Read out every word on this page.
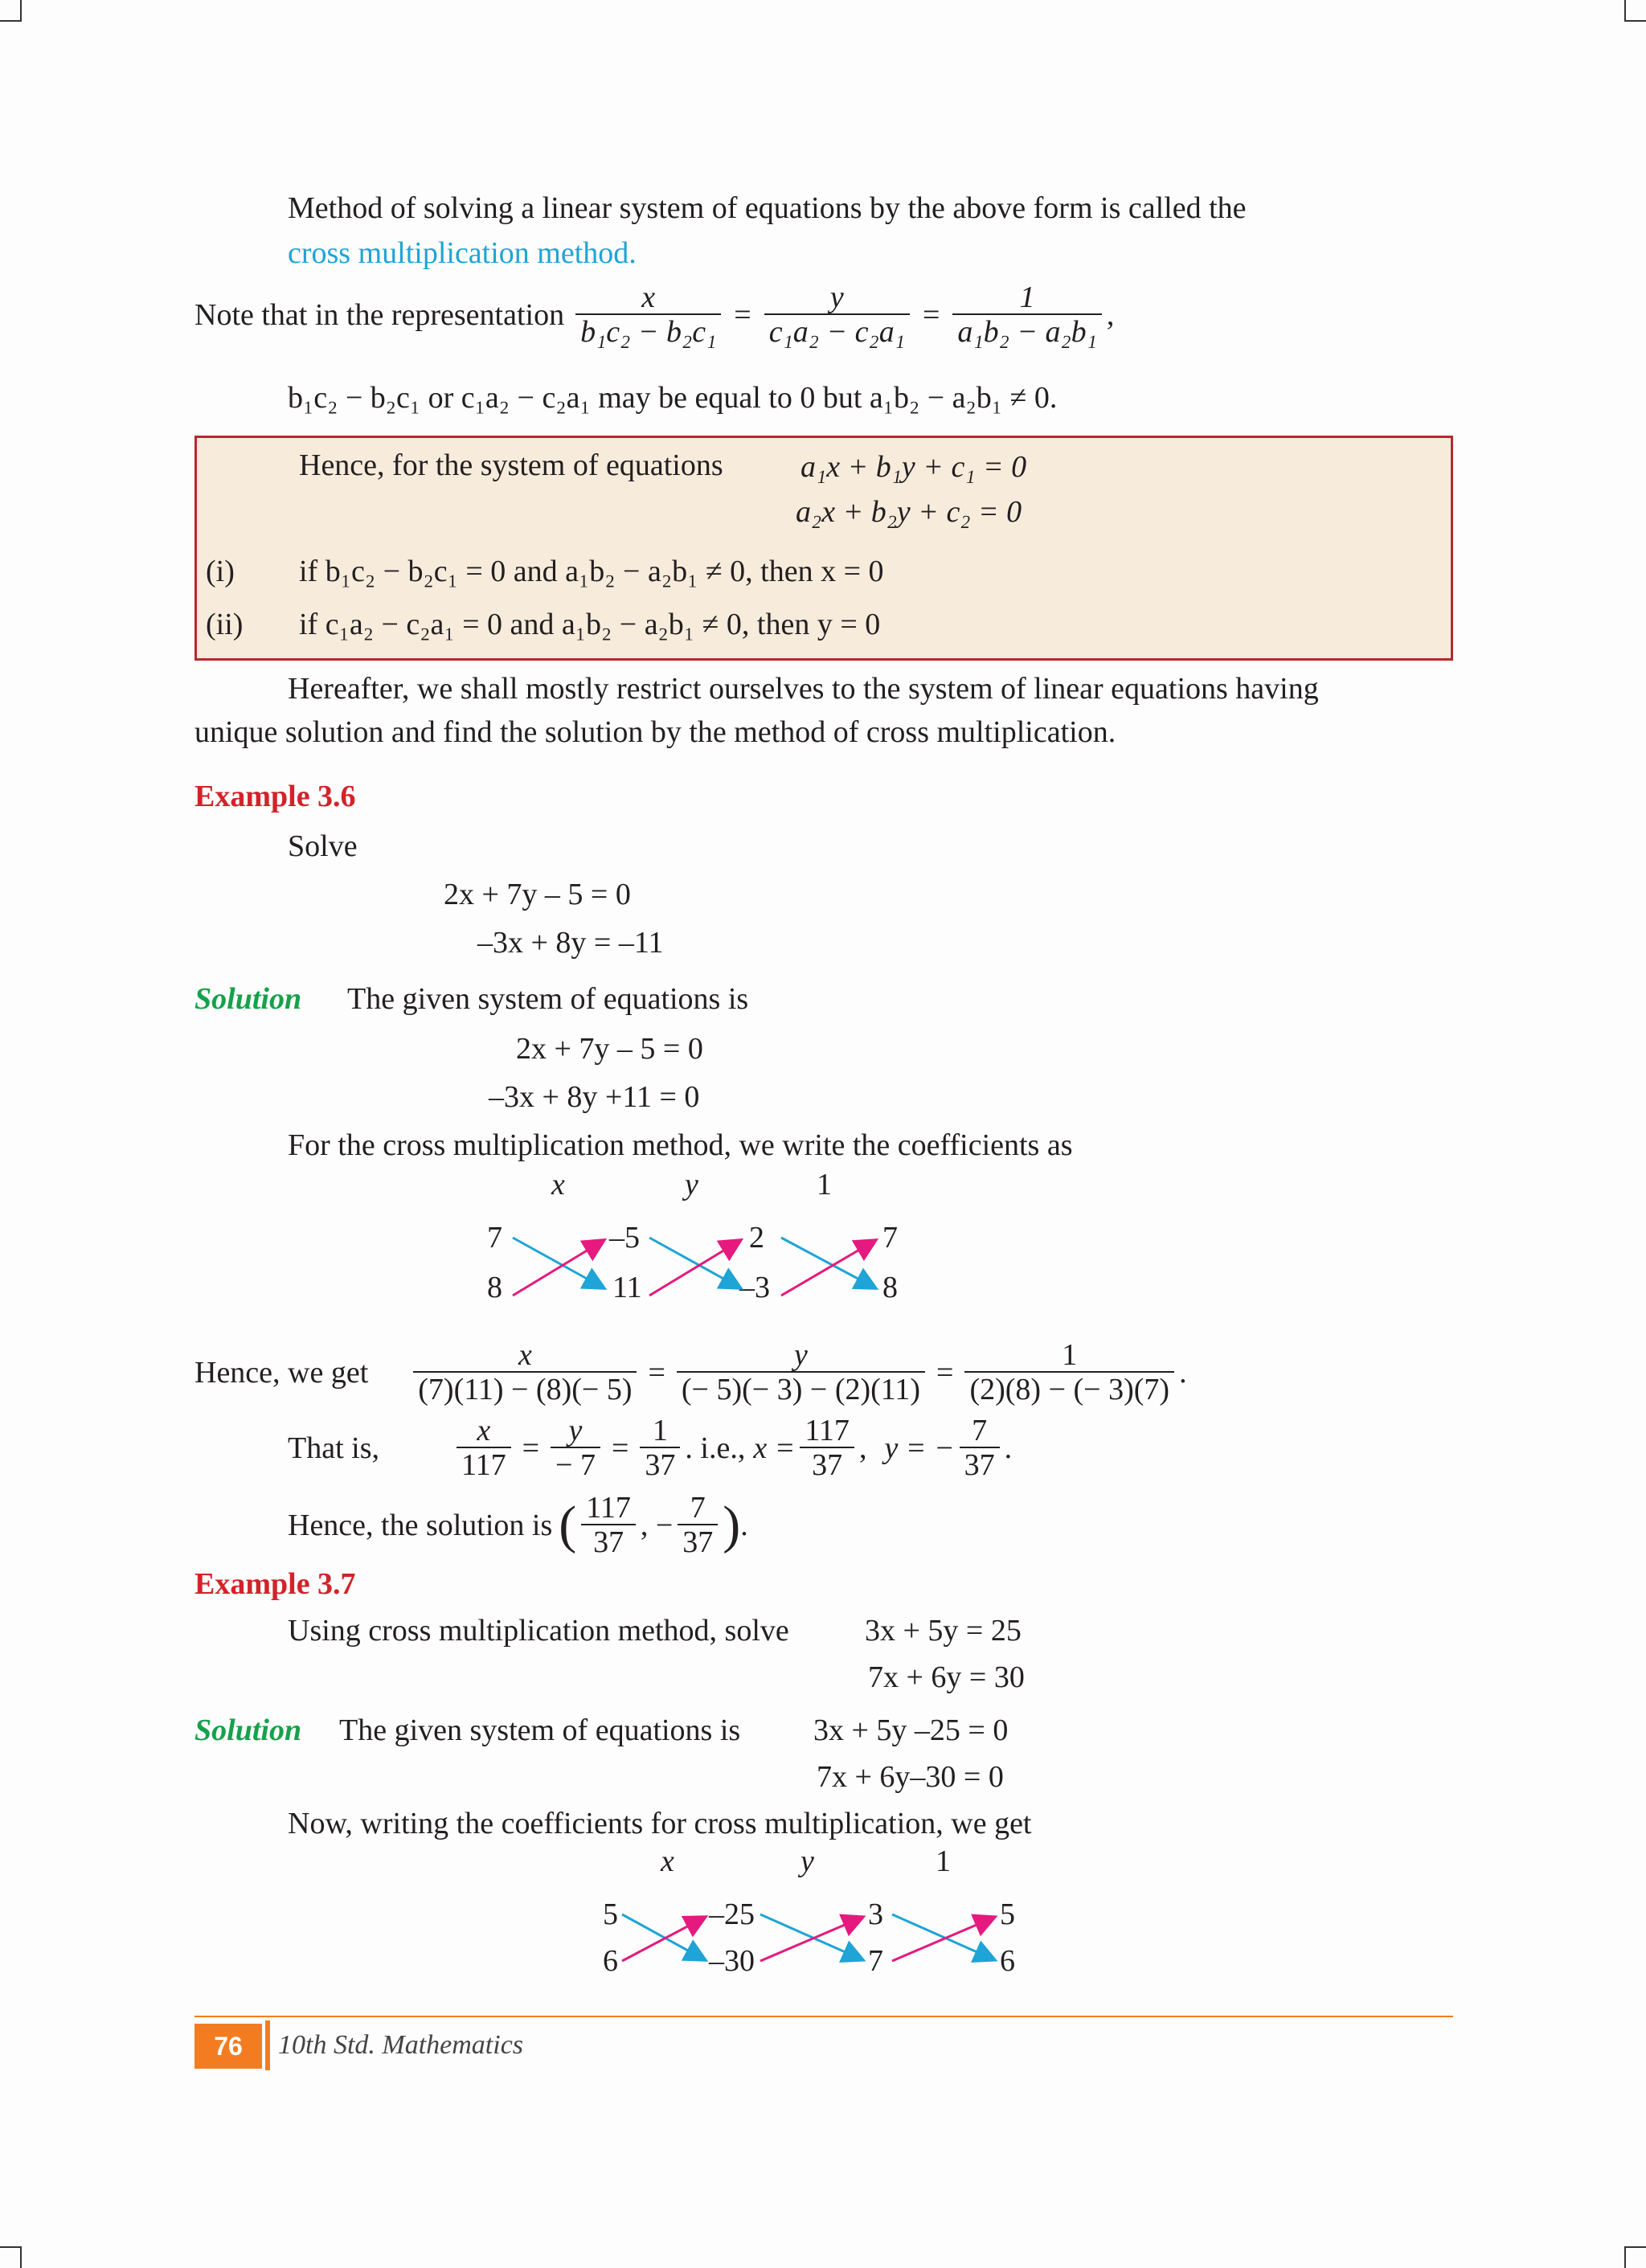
Method of solving a linear system of equations by the above form is called the
cross multiplication method.
Note that in the representation $\frac{x}{\text{b₁c₂ − b₂c₁}} = \frac{y}{\text{c₁a₂ − c₂a₁}} = \frac{1}{\text{a₁b₂ − a₂b₁}}$ ,
b₁c₂ − b₂c₁ or c₁a₂ − c₂a₁ may be equal to 0 but a₁b₂ − a₂b₁ ≠ 0.
Hence, for the system of equations	a₁x + b₁y + c₁ = 0
a₂x + b₂y + c₂ = 0
(i) if b₁c₂ − b₂c₁ = 0 and a₁b₂ − a₂b₁ ≠ 0, then x = 0
(ii) if c₁a₂ − c₂a₁ = 0 and a₁b₂ − a₂b₁ ≠ 0, then y = 0
Hereafter, we shall mostly restrict ourselves to the system of linear equations having
unique solution and find the solution by the method of cross multiplication.
Example 3.6
Solve
2x + 7y – 5 = 0
–3x + 8y = –11
Solution The given system of equations is
2x + 7y – 5 = 0
–3x + 8y +11 = 0
For the cross multiplication method, we write the coefficients as
x	y	1
7	–5	2	7
8	11	–3	8
Hence, we get $\frac{x}{(7)(11) - (8)(- 5)} = \frac{y}{(- 5)(- 3) - (2)(11)} = \frac{1}{(2)(8) - (- 3)(7)}$ .
That is,	$\frac{x}{117} = \frac{y}{- 7} = \frac{1}{37}$ . i.e., $x = \frac{117}{37}$ , y = − $\frac{7}{37}$ .
Hence, the solution is ( $\frac{117}{37}$ , − $\frac{7}{37}$ ) .
Example 3.7
Using cross multiplication method, solve 3x + 5y = 25
7x + 6y = 30
Solution The given system of equations is 3x + 5y –25 = 0
7x + 6y–30 = 0
Now, writing the coefficients for cross multiplication, we get
x	y	1
5	–25	3	5
6	–30	7	6
76	10th Std. Mathematics
